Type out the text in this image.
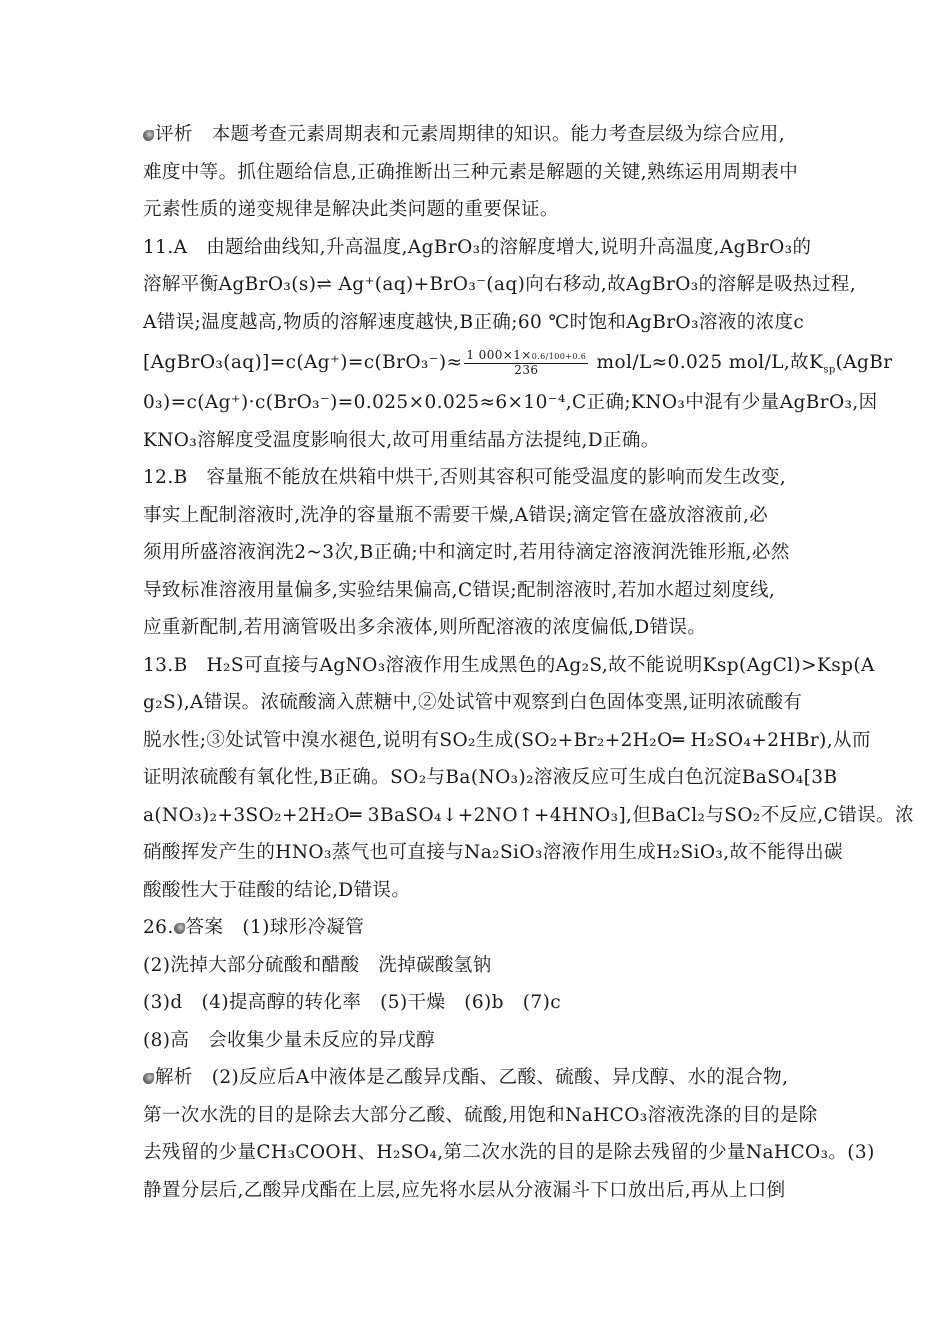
评析　本题考查元素周期表和元素周期律的知识。能力考查层级为综合应用,
难度中等。抓住题给信息,正确推断出三种元素是解题的关键,熟练运用周期表中
元素性质的递变规律是解决此类问题的重要保证。
11.A　由题给曲线知,升高温度,AgBrO₃的溶解度增大,说明升高温度,AgBrO₃的
溶解平衡AgBrO₃(s)⇌ Ag⁺(aq)+BrO₃⁻(aq)向右移动,故AgBrO₃的溶解是吸热过程,
A错误;温度越高,物质的溶解速度越快,B正确;60 ℃时饱和AgBrO₃溶液的浓度c
[AgBrO₃(aq)]=c(Ag⁺)=c(BrO₃⁻)≈ $\frac{1 000\times 1\times 0.6/100+0.6}{236} mol/L\approx 0.025$ mol/L,故$K_{sp}(AgBr$
0₃)=c(Ag⁺)·c(BrO₃⁻)=0.025×0.025≈6×10⁻⁴,C正确;KNO₃中混有少量AgBrO₃,因
KNO₃溶解度受温度影响很大,故可用重结晶方法提纯,D正确。
12.B　容量瓶不能放在烘箱中烘干,否则其容积可能受温度的影响而发生改变,
事实上配制溶液时,洗净的容量瓶不需要干燥,A错误;滴定管在盛放溶液前,必
须用所盛溶液润洗2~3次,B正确;中和滴定时,若用待滴定溶液润洗锥形瓶,必然
导致标准溶液用量偏多,实验结果偏高,C错误;配制溶液时,若加水超过刻度线,
应重新配制,若用滴管吸出多余液体,则所配溶液的浓度偏低,D错误。
13.B　H₂S可直接与AgNO₃溶液作用生成黑色的Ag₂S,故不能说明Ksp(AgCl)>Ksp(A
g₂S),A错误。浓硫酸滴入蔗糖中,②处试管中观察到白色固体变黑,证明浓硫酸有
脱水性;③处试管中溴水褪色,说明有SO₂生成(SO₂+Br₂+2H₂O═ H₂SO₄+2HBr),从而
证明浓硫酸有氧化性,B正确。SO₂与Ba(NO₃)₂溶液反应可生成白色沉淀BaSO₄[3B
a(NO₃)₂+3SO₂+2H₂O═ 3BaSO₄↓+2NO↑+4HNO₃],但BaCl₂与SO₂不反应,C错误。浓
硝酸挥发产生的HNO₃蒸气也可直接与Na₂SiO₃溶液作用生成H₂SiO₃,故不能得出碳
酸酸性大于硅酸的结论,D错误。
26. 答案　(1)球形冷凝管
(2)洗掉大部分硫酸和醋酸　洗掉碳酸氢钠
(3)d　(4)提高醇的转化率　(5)干燥　(6)b　(7)c
(8)高　会收集少量未反应的异戊醇
解析　(2)反应后A中液体是乙酸异戊酯、乙酸、硫酸、异戊醇、水的混合物,
第一次水洗的目的是除去大部分乙酸、硫酸,用饱和NaHCO₃溶液洗涤的目的是除
去残留的少量CH₃COOH、H₂SO₄,第二次水洗的目的是除去残留的少量NaHCO₃。(3)
静置分层后,乙酸异戊酯在上层,应先将水层从分液漏斗下口放出后,再从上口倒
